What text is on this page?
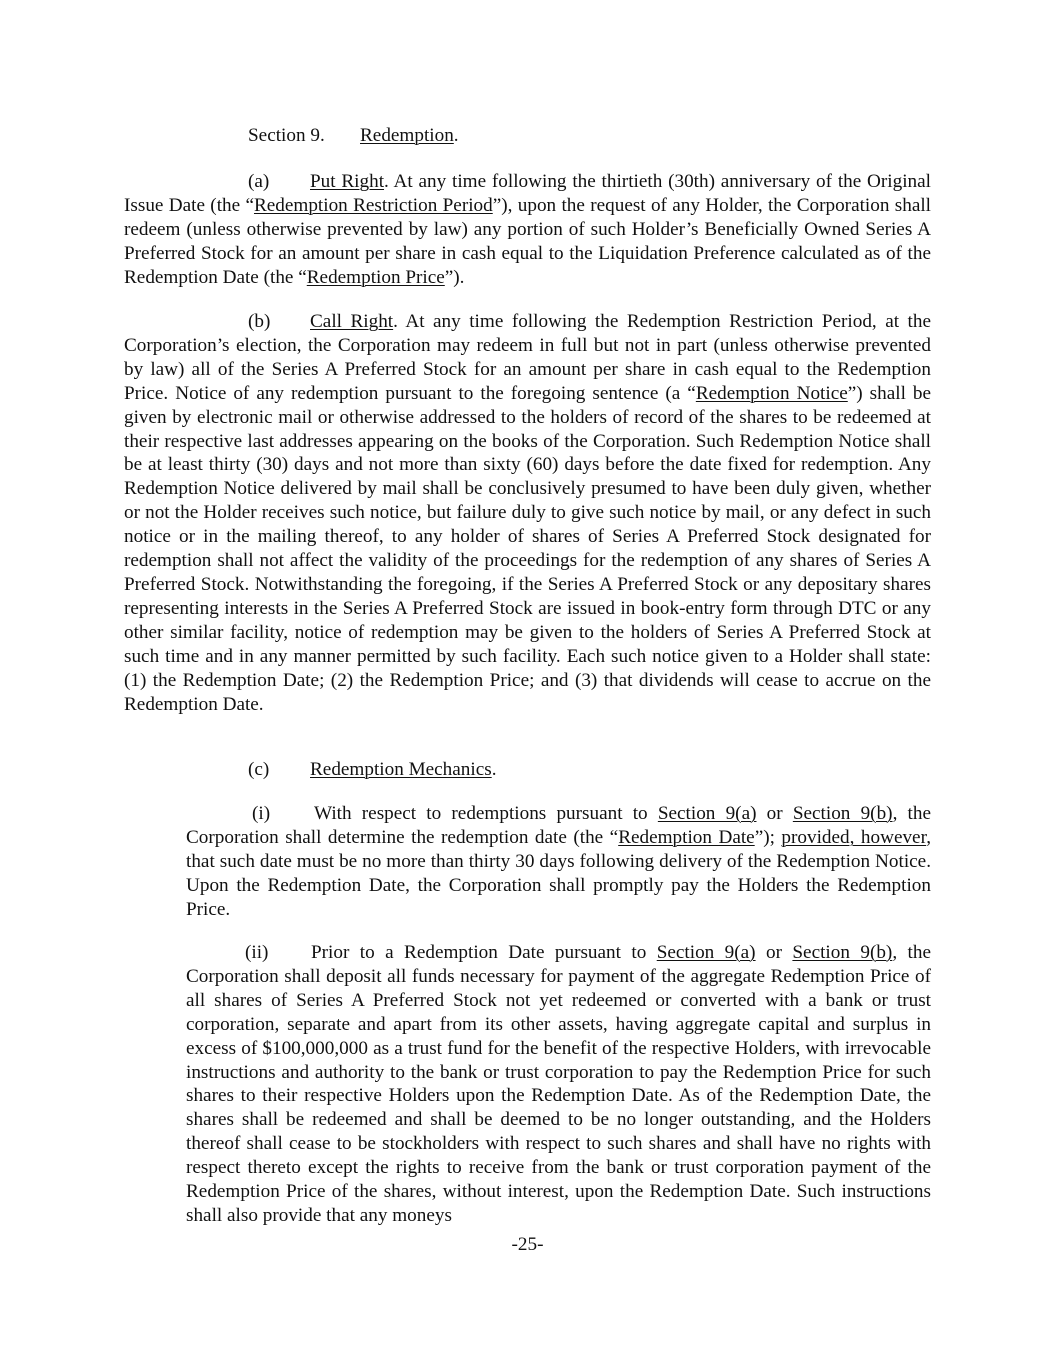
Section 9. Redemption.
(a) Put Right. At any time following the thirtieth (30th) anniversary of the Original Issue Date (the “Redemption Restriction Period”), upon the request of any Holder, the Corporation shall redeem (unless otherwise prevented by law) any portion of such Holder’s Beneficially Owned Series A Preferred Stock for an amount per share in cash equal to the Liquidation Preference calculated as of the Redemption Date (the “Redemption Price”).
(b) Call Right. At any time following the Redemption Restriction Period, at the Corporation’s election, the Corporation may redeem in full but not in part (unless otherwise prevented by law) all of the Series A Preferred Stock for an amount per share in cash equal to the Redemption Price. Notice of any redemption pursuant to the foregoing sentence (a “Redemption Notice”) shall be given by electronic mail or otherwise addressed to the holders of record of the shares to be redeemed at their respective last addresses appearing on the books of the Corporation. Such Redemption Notice shall be at least thirty (30) days and not more than sixty (60) days before the date fixed for redemption. Any Redemption Notice delivered by mail shall be conclusively presumed to have been duly given, whether or not the Holder receives such notice, but failure duly to give such notice by mail, or any defect in such notice or in the mailing thereof, to any holder of shares of Series A Preferred Stock designated for redemption shall not affect the validity of the proceedings for the redemption of any shares of Series A Preferred Stock. Notwithstanding the foregoing, if the Series A Preferred Stock or any depositary shares representing interests in the Series A Preferred Stock are issued in book-entry form through DTC or any other similar facility, notice of redemption may be given to the holders of Series A Preferred Stock at such time and in any manner permitted by such facility. Each such notice given to a Holder shall state: (1) the Redemption Date; (2) the Redemption Price; and (3) that dividends will cease to accrue on the Redemption Date.
(c) Redemption Mechanics.
(i) With respect to redemptions pursuant to Section 9(a) or Section 9(b), the Corporation shall determine the redemption date (the “Redemption Date”); provided, however, that such date must be no more than thirty 30 days following delivery of the Redemption Notice. Upon the Redemption Date, the Corporation shall promptly pay the Holders the Redemption Price.
(ii) Prior to a Redemption Date pursuant to Section 9(a) or Section 9(b), the Corporation shall deposit all funds necessary for payment of the aggregate Redemption Price of all shares of Series A Preferred Stock not yet redeemed or converted with a bank or trust corporation, separate and apart from its other assets, having aggregate capital and surplus in excess of $100,000,000 as a trust fund for the benefit of the respective Holders, with irrevocable instructions and authority to the bank or trust corporation to pay the Redemption Price for such shares to their respective Holders upon the Redemption Date. As of the Redemption Date, the shares shall be redeemed and shall be deemed to be no longer outstanding, and the Holders thereof shall cease to be stockholders with respect to such shares and shall have no rights with respect thereto except the rights to receive from the bank or trust corporation payment of the Redemption Price of the shares, without interest, upon the Redemption Date. Such instructions shall also provide that any moneys
-25-
